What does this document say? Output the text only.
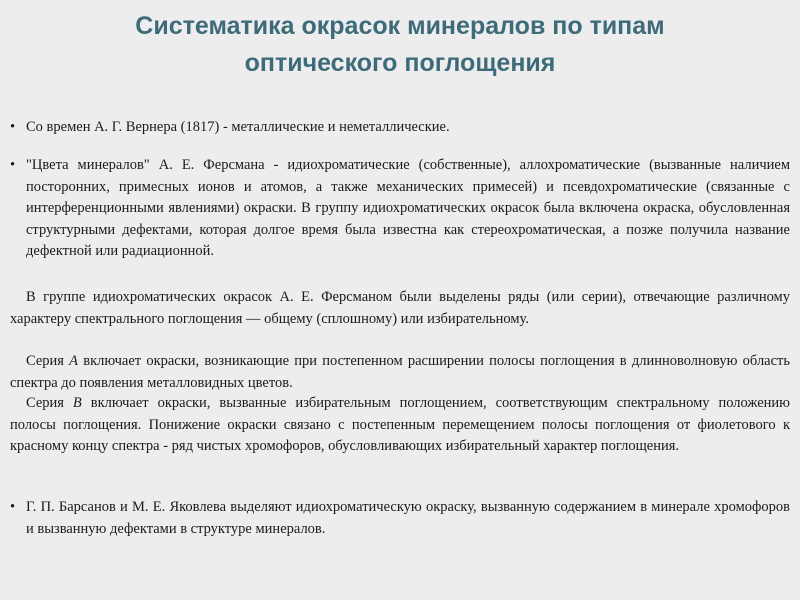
Систематика окрасок минералов по типам
оптического поглощения
• Со времен А. Г. Вернера (1817) - металлические и неметаллические.
• "Цвета минералов" А. Е. Ферсмана - идиохроматические (собственные), аллохроматические (вызванные наличием посторонних, примесных ионов и атомов, а также механических примесей) и псевдохроматические (связанные с интерференционными явлениями) окраски. В группу идиохроматических окрасок была включена окраска, обусловленная структурными дефектами, которая долгое время была известна как стереохроматическая, а позже получила название дефектной или радиационной.
В группе идиохроматических окрасок А. Е. Ферсманом были выделены ряды (или серии), отвечающие различному характеру спектрального поглощения — общему (сплошному) или избирательному.
Серия А включает окраски, возникающие при постепенном расширении полосы поглощения в длинноволновую область спектра до появления металловидных цветов.
Серия В включает окраски, вызванные избирательным поглощением, соответствующим спектральному положению полосы поглощения. Понижение окраски связано с постепенным перемещением полосы поглощения от фиолетового к красному концу спектра - ряд чистых хромофоров, обусловливающих избирательный характер поглощения.
• Г. П. Барсанов и М. Е. Яковлева выделяют идиохроматическую окраску, вызванную содержанием в минерале хромофоров и вызванную дефектами в структуре минералов.
